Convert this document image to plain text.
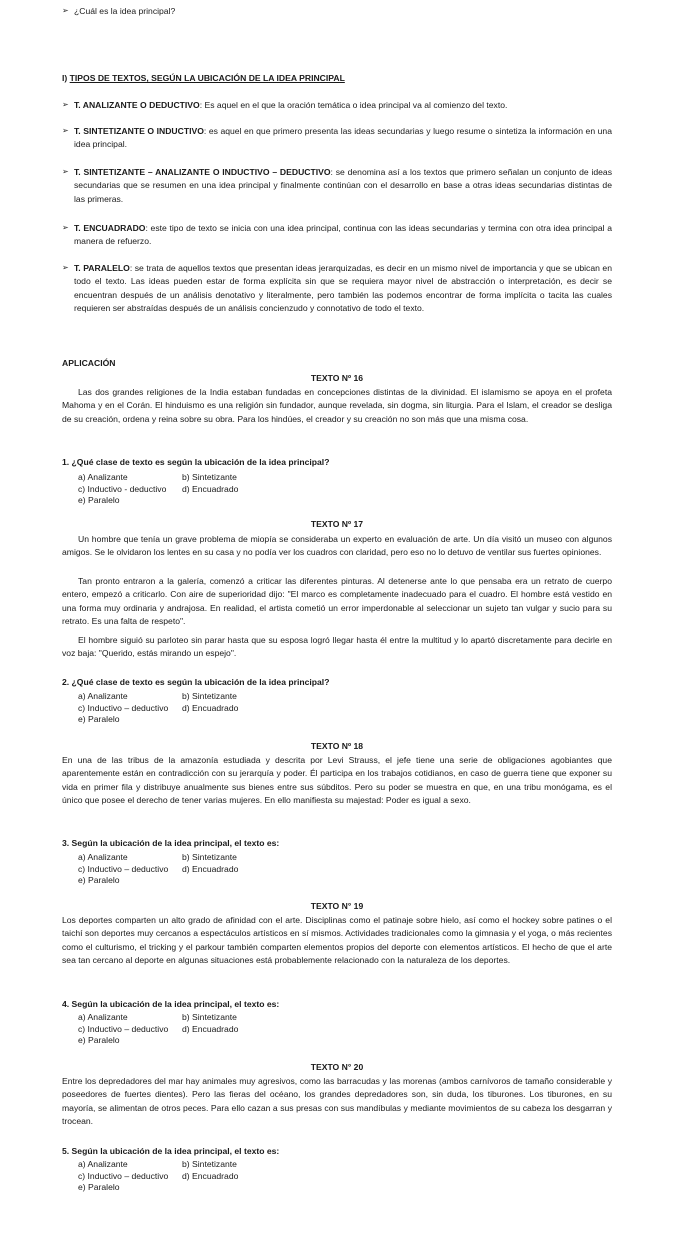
➢ ¿Cuál es la idea principal?
I) TIPOS DE TEXTOS, SEGÚN LA UBICACIÓN DE LA IDEA PRINCIPAL
➢ T. ANALIZANTE O DEDUCTIVO: Es aquel en el que la oración temática o idea principal va al comienzo del texto.
➢ T. SINTETIZANTE O INDUCTIVO: es aquel en que primero presenta las ideas secundarias y luego resume o sintetiza la información en una idea principal.
➢ T. SINTETIZANTE – ANALIZANTE O INDUCTIVO – DEDUCTIVO: se denomina así a los textos que primero señalan un conjunto de ideas secundarias que se resumen en una idea principal y finalmente continúan con el desarrollo en base a otras ideas secundarias distintas de las primeras.
➢ T. ENCUADRADO: este tipo de texto se inicia con una idea principal, continua con las ideas secundarias y termina con otra idea principal a manera de refuerzo.
➢ T. PARALELO: se trata de aquellos textos que presentan ideas jerarquizadas, es decir en un mismo nivel de importancia y que se ubican en todo el texto. Las ideas pueden estar de forma explícita sin que se requiera mayor nivel de abstracción o interpretación, es decir se encuentran después de un análisis denotativo y literalmente, pero también las podemos encontrar de forma implícita o tacita las cuales requieren ser abstraídas después de un análisis concienzudo y connotativo de todo el texto.
APLICACIÓN
TEXTO Nº 16
Las dos grandes religiones de la India estaban fundadas en concepciones distintas de la divinidad. El islamismo se apoya en el profeta Mahoma y en el Corán. El hinduismo es una religión sin fundador, aunque revelada, sin dogma, sin liturgia. Para el Islam, el creador se desliga de su creación, ordena y reina sobre su obra. Para los hindúes, el creador y su creación no son más que una misma cosa.
1. ¿Qué clase de texto es según la ubicación de la idea principal?
a) Analizante	b) Sintetizante
c) Inductivo - deductivo	d) Encuadrado
e) Paralelo
TEXTO Nº 17
Un hombre que tenía un grave problema de miopía se consideraba un experto en evaluación de arte. Un día visitó un museo con algunos amigos. Se le olvidaron los lentes en su casa y no podía ver los cuadros con claridad, pero eso no lo detuvo de ventilar sus fuertes opiniones.
Tan pronto entraron a la galería, comenzó a criticar las diferentes pinturas. Al detenerse ante lo que pensaba era un retrato de cuerpo entero, empezó a criticarlo. Con aire de superioridad dijo: "El marco es completamente inadecuado para el cuadro. El hombre está vestido en una forma muy ordinaria y andrajosa. En realidad, el artista cometió un error imperdonable al seleccionar un sujeto tan vulgar y sucio para su retrato. Es una falta de respeto".
El hombre siguió su parloteo sin parar hasta que su esposa logró llegar hasta él entre la multitud y lo apartó discretamente para decirle en voz baja: "Querido, estás mirando un espejo".
2. ¿Qué clase de texto es según la ubicación de la idea principal?
a) Analizante	b) Sintetizante
c) Inductivo – deductivo	d) Encuadrado
e) Paralelo
TEXTO Nº 18
En una de las tribus de la amazonía estudiada y descrita por Levi Strauss, el jefe tiene una serie de obligaciones agobiantes que aparentemente están en contradicción con su jerarquía y poder. Él participa en los trabajos cotidianos, en caso de guerra tiene que exponer su vida en primer fila y distribuye anualmente sus bienes entre sus súbditos. Pero su poder se muestra en que, en una tribu monógama, es el único que posee el derecho de tener varias mujeres. En ello manifiesta su majestad: Poder es igual a sexo.
3. Según la ubicación de la idea principal, el texto es:
a) Analizante	b) Sintetizante
c) Inductivo – deductivo	d) Encuadrado
e) Paralelo
TEXTO N° 19
Los deportes comparten un alto grado de afinidad con el arte. Disciplinas como el patinaje sobre hielo, así como el hockey sobre patines o el taichí son deportes muy cercanos a espectáculos artísticos en sí mismos. Actividades tradicionales como la gimnasia y el yoga, o más recientes como el culturismo, el tricking y el parkour también comparten elementos propios del deporte con elementos artísticos. El hecho de que el arte sea tan cercano al deporte en algunas situaciones está probablemente relacionado con la naturaleza de los deportes.
4. Según la ubicación de la idea principal, el texto es:
a) Analizante	b) Sintetizante
c) Inductivo – deductivo	d) Encuadrado
e) Paralelo
TEXTO N° 20
Entre los depredadores del mar hay animales muy agresivos, como las barracudas y las morenas (ambos carnívoros de tamaño considerable y poseedores de fuertes dientes). Pero las fieras del océano, los grandes depredadores son, sin duda, los tiburones. Los tiburones, en su mayoría, se alimentan de otros peces. Para ello cazan a sus presas con sus mandíbulas y mediante movimientos de su cabeza los desgarran y trocean.
5. Según la ubicación de la idea principal, el texto es:
a) Analizante	b) Sintetizante
c) Inductivo – deductivo	d) Encuadrado
e) Paralelo
